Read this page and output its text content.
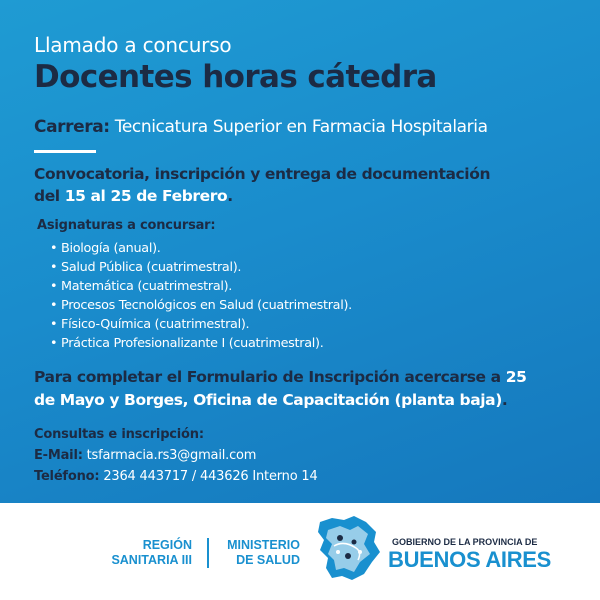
Llamado a concurso
Docentes horas cátedra
Carrera: Tecnicatura Superior en Farmacia Hospitalaria
Convocatoria, inscripción y entrega de documentación
del 15 al 25 de Febrero.
Asignaturas a concursar:
• Biología (anual).
• Salud Pública (cuatrimestral).
• Matemática (cuatrimestral).
• Procesos Tecnológicos en Salud (cuatrimestral).
• Físico-Química (cuatrimestral).
• Práctica Profesionalizante I (cuatrimestral).
Para completar el Formulario de Inscripción acercarse a 25
de Mayo y Borges, Oficina de Capacitación (planta baja).
Consultas e inscripción:
E-Mail: tsfarmacia.rs3@gmail.com
Teléfono: 2364 443717 / 443626 Interno 14
REGIÓN
SANITARIA III
MINISTERIO
DE SALUD
GOBIERNO DE LA PROVINCIA DE
BUENOS AIRES
